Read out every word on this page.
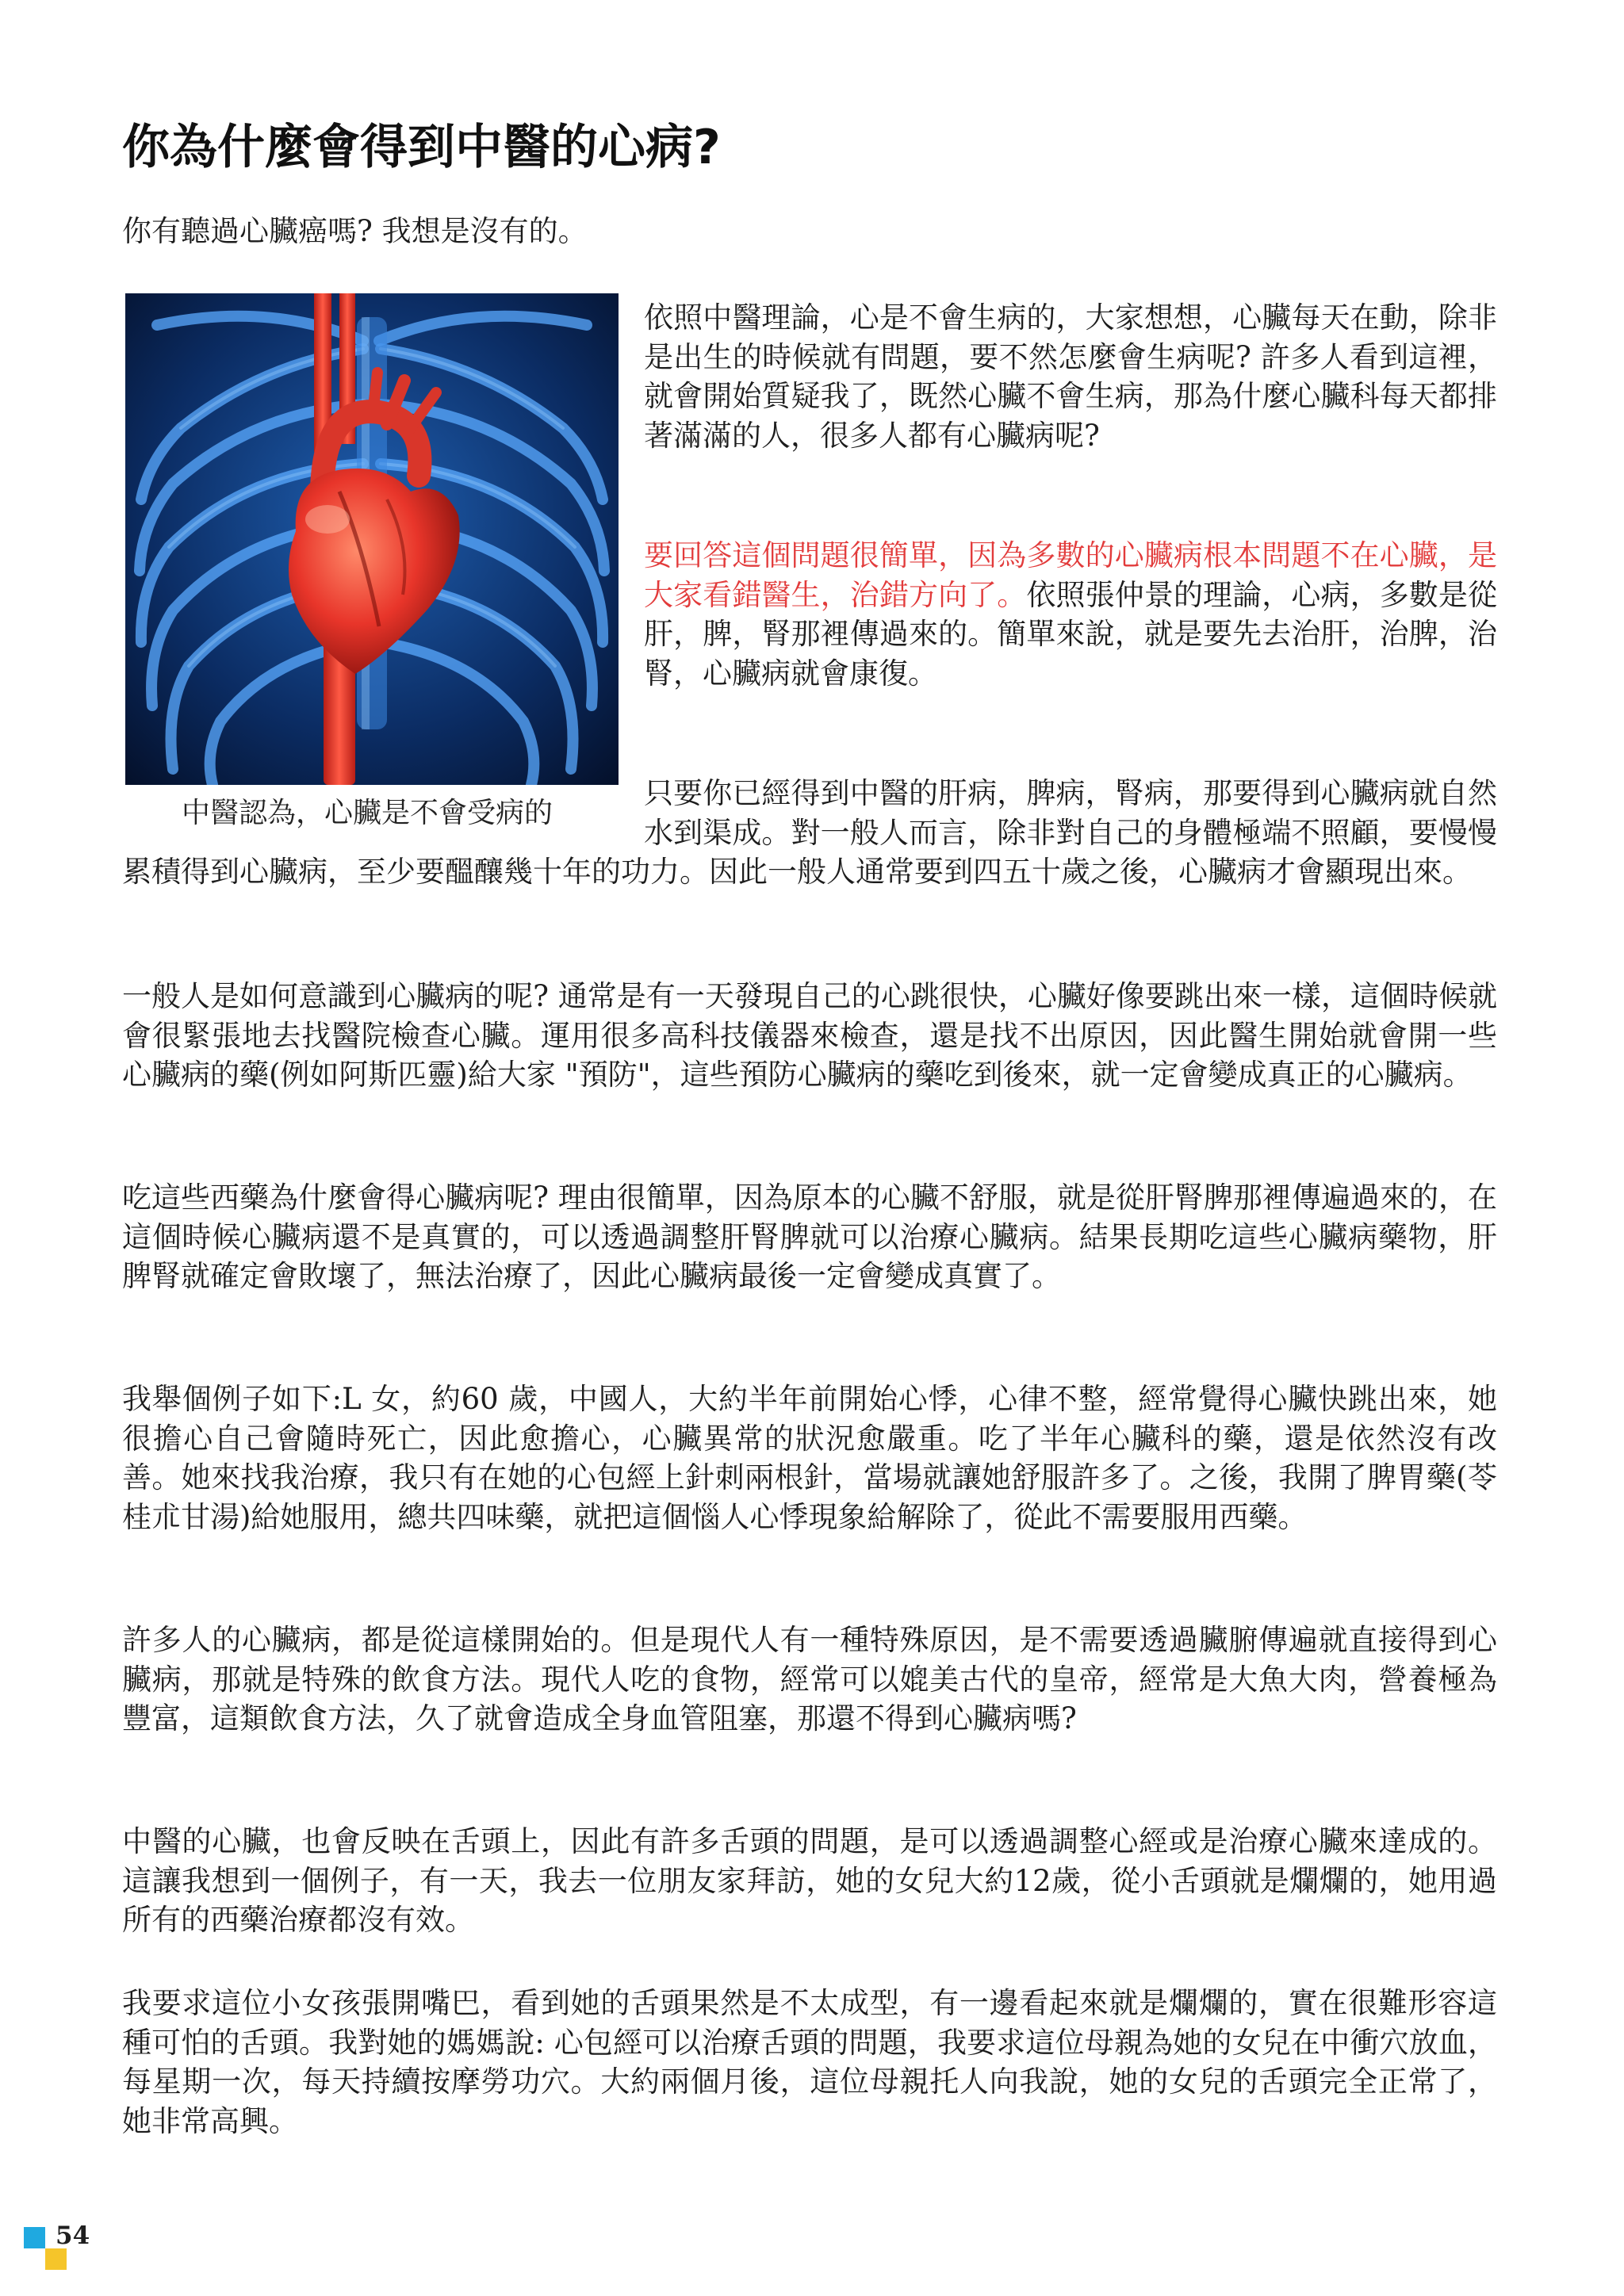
你為什麼會得到中醫的心病?

你有聽過心臟癌嗎? 我想是沒有的。

中醫認為，心臟是不會受病的

依照中醫理論，心是不會生病的，大家想想，心臟每天在動，除非是出生的時候就有問題，要不然怎麼會生病呢? 許多人看到這裡，就會開始質疑我了，既然心臟不會生病，那為什麼心臟科每天都排著滿滿的人，很多人都有心臟病呢?

要回答這個問題很簡單，因為多數的心臟病根本問題不在心臟，是大家看錯醫生，治錯方向了。依照張仲景的理論，心病，多數是從肝，脾，腎那裡傳過來的。簡單來說，就是要先去治肝，治脾，治腎，心臟病就會康復。

只要你已經得到中醫的肝病，脾病，腎病，那要得到心臟病就自然水到渠成。對一般人而言，除非對自己的身體極端不照顧，要慢慢累積得到心臟病，至少要醞釀幾十年的功力。因此一般人通常要到四五十歲之後，心臟病才會顯現出來。

一般人是如何意識到心臟病的呢? 通常是有一天發現自己的心跳很快，心臟好像要跳出來一樣，這個時候就會很緊張地去找醫院檢查心臟。運用很多高科技儀器來檢查，還是找不出原因，因此醫生開始就會開一些心臟病的藥(例如阿斯匹靈)給大家 "預防"，這些預防心臟病的藥吃到後來，就一定會變成真正的心臟病。

吃這些西藥為什麼會得心臟病呢? 理由很簡單，因為原本的心臟不舒服，就是從肝腎脾那裡傳遍過來的，在這個時候心臟病還不是真實的，可以透過調整肝腎脾就可以治療心臟病。結果長期吃這些心臟病藥物，肝脾腎就確定會敗壞了，無法治療了，因此心臟病最後一定會變成真實了。

我舉個例子如下:L 女，約60 歲，中國人，大約半年前開始心悸，心律不整，經常覺得心臟快跳出來，她很擔心自己會隨時死亡，因此愈擔心，心臟異常的狀況愈嚴重。吃了半年心臟科的藥，還是依然沒有改善。她來找我治療，我只有在她的心包經上針刺兩根針，當場就讓她舒服許多了。之後，我開了脾胃藥(苓桂朮甘湯)給她服用，總共四味藥，就把這個惱人心悸現象給解除了，從此不需要服用西藥。

許多人的心臟病，都是從這樣開始的。但是現代人有一種特殊原因，是不需要透過臟腑傳遍就直接得到心臟病，那就是特殊的飲食方法。現代人吃的食物，經常可以媲美古代的皇帝，經常是大魚大肉，營養極為豐富，這類飲食方法，久了就會造成全身血管阻塞，那還不得到心臟病嗎?

中醫的心臟，也會反映在舌頭上，因此有許多舌頭的問題，是可以透過調整心經或是治療心臟來達成的。這讓我想到一個例子，有一天，我去一位朋友家拜訪，她的女兒大約12歲，從小舌頭就是爛爛的，她用過所有的西藥治療都沒有效。

我要求這位小女孩張開嘴巴，看到她的舌頭果然是不太成型，有一邊看起來就是爛爛的，實在很難形容這種可怕的舌頭。我對她的媽媽說: 心包經可以治療舌頭的問題，我要求這位母親為她的女兒在中衝穴放血，每星期一次，每天持續按摩勞功穴。大約兩個月後，這位母親托人向我說，她的女兒的舌頭完全正常了，她非常高興。

54
